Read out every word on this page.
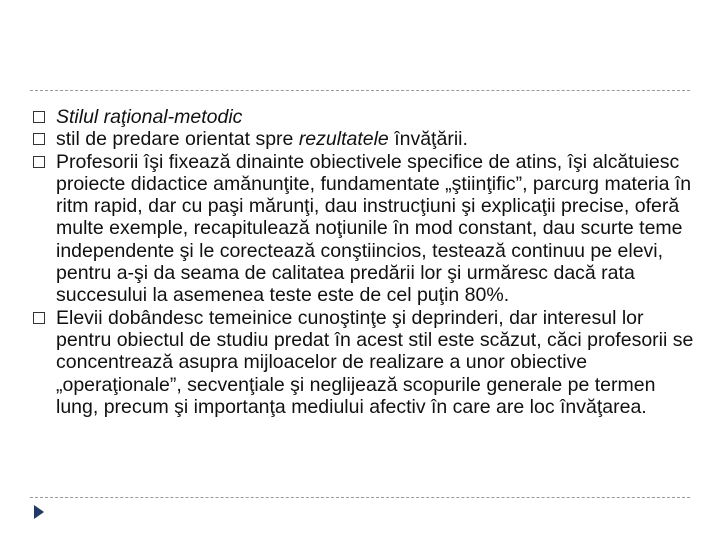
Stilul raţional-metodic
stil de predare orientat spre rezultatele învăţării.
Profesorii îşi fixează dinainte obiectivele specifice de atins, îşi alcătuiesc proiecte didactice amănunţite, fundamentate „ştiinţific”, parcurg materia în ritm rapid, dar cu paşi mărunţi, dau instrucţiuni şi explicaţii precise, oferă multe exemple, recapitulează noţiunile în mod constant, dau scurte teme independente şi le corectează conştiincios, testează continuu pe elevi, pentru a-şi da seama de calitatea predării lor şi urmăresc dacă rata succesului la asemenea teste este de cel puţin 80%.
Elevii dobândesc temeinice cunoştinţe şi deprinderi, dar interesul lor pentru obiectul de studiu predat în acest stil este scăzut, căci profesorii se concentrează asupra mijloacelor de realizare a unor obiective „operaţionale”, secvenţiale şi neglijează scopurile generale pe termen lung, precum şi importanţa mediului afectiv în care are loc învăţarea.
